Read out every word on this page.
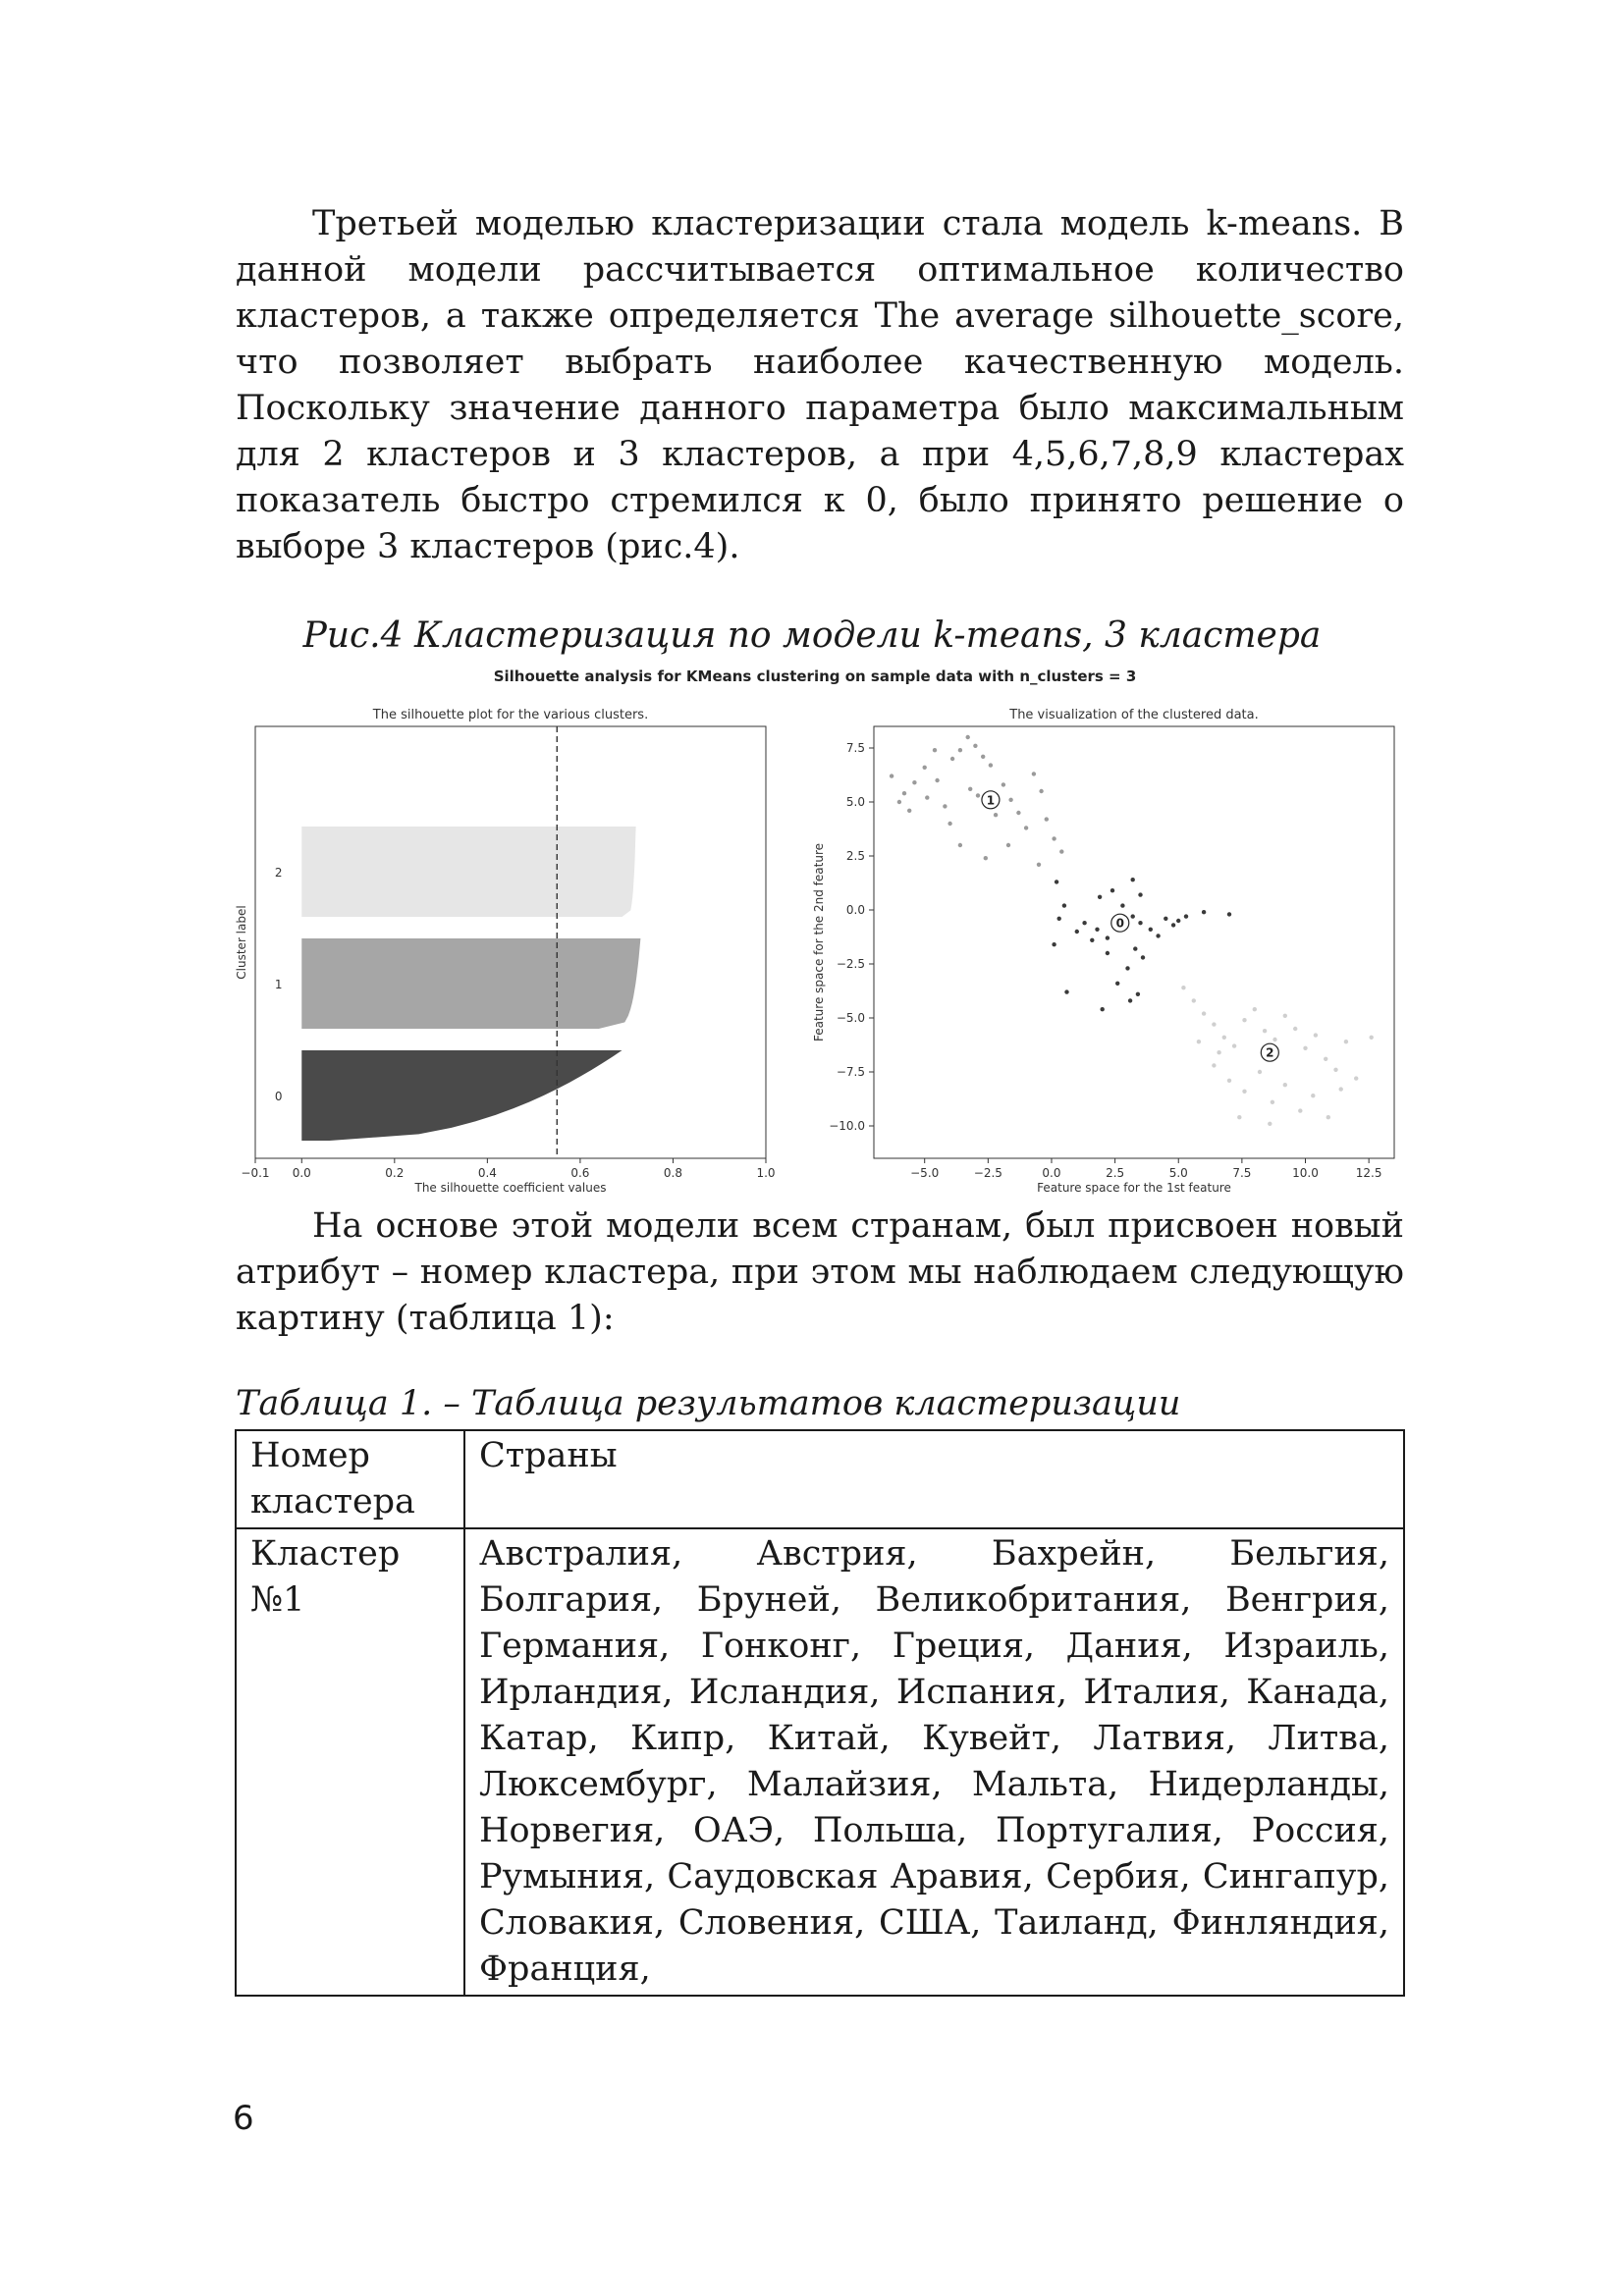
Третьей моделью кластеризации стала модель k-means. В данной модели рассчитывается оптимальное количество кластеров, а также определяется The average silhouette_score, что позволяет выбрать наиболее качественную модель. Поскольку значение данного параметра было максимальным для 2 кластеров и 3 кластеров, а при 4,5,6,7,8,9 кластерах показатель быстро стремился к 0, было принято решение о выборе 3 кластеров (рис.4).

Рис.4 Кластеризация по модели k-means, 3 кластера
Silhouette analysis for KMeans clustering on sample data with n_clusters = 3
The silhouette plot for the various clusters.
0
1
2
−0.1 0.0	0.2	0.4	0.6	0.8	1.0
The silhouette coefficient values
Cluster label
The visualization of the clustered data.
0
1
2
−5.0	−2.5	0.0	2.5	5.0	7.5	10.0	12.5
7.5
5.0
2.5
0.0
−2.5
−5.0
−7.5
−10.0
Feature space for the 1st feature
Feature space for the 2nd feature

На основе этой модели всем странам, был присвоен новый атрибут – номер кластера, при этом мы наблюдаем следующую картину (таблица 1):

Таблица 1. – Таблица результатов кластеризации
Номер кластера	Страны
Кластер №1	Австралия, Австрия, Бахрейн, Бельгия, Болгария, Бруней, Великобритания, Венгрия, Германия, Гонконг, Греция, Дания, Израиль, Ирландия, Исландия, Испания, Италия, Канада, Катар, Кипр, Китай, Кувейт, Латвия, Литва, Люксембург, Малайзия, Мальта, Нидерланды, Норвегия, ОАЭ, Польша, Португалия, Россия, Румыния, Саудовская Аравия, Сербия, Сингапур, Словакия, Словения, США, Таиланд, Финляндия, Франция,
6
